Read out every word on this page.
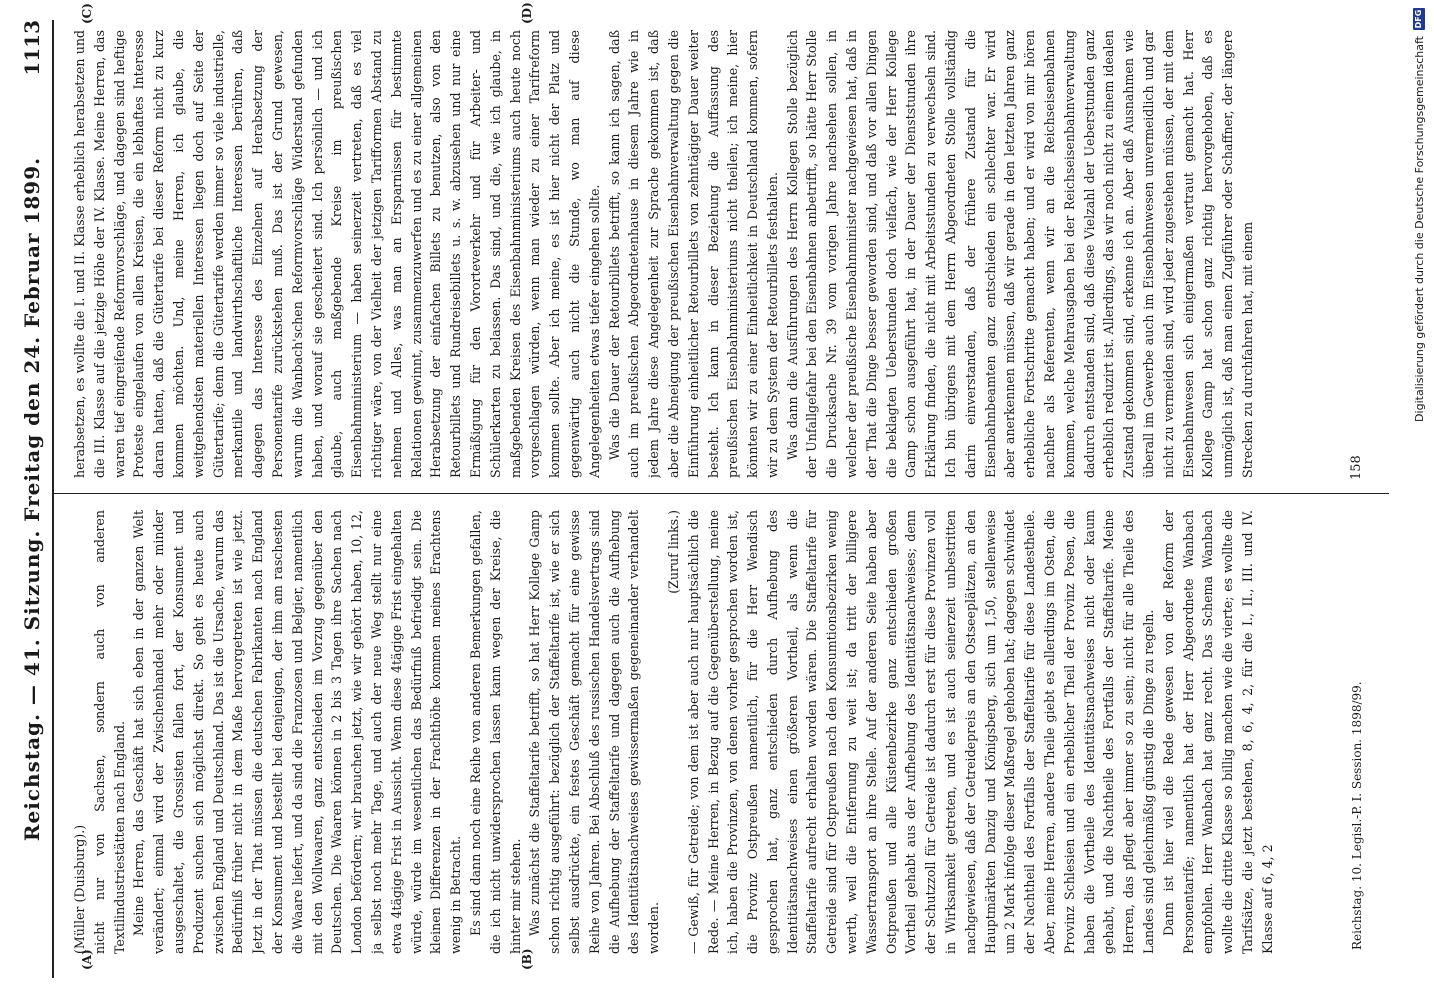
Reichstag. — 41. Sitzung. Freitag den 24. Februar 1899.
1113
(A)	(B)
(C)	(D)

(Müller (Duisburg).) nicht nur von Sachsen, sondern auch von anderen Textilindustriestätten nach England. Meine Herren, das Geschäft hat sich eben in der ganzen Welt verändert; einmal wird der Zwischenhandel mehr oder minder ausgeschaltet, die Grossisten fallen fort, der Konsument und Produzent suchen sich möglichst direkt. So geht es heute auch zwischen England und Deutschland. Das ist die Ursache, warum das Bedürfniß früher nicht in dem Maße hervorgetreten ist wie jetzt. Jetzt in der That müssen die deutschen Fabrikanten nach England der Konsument und bestellt bei denjenigen, der ihm am raschesten die Waare liefert, und da sind die Franzosen und Belgier, namentlich mit den Wollwaaren, ganz entschieden im Vorzug gegenüber den Deutschen. Die Waaren können in 2 bis 3 Tagen ihre Sachen nach London befördern; wir brauchen jetzt, wie wir gehört haben, 10, 12, ja selbst noch mehr Tage, und auch der neue Weg stellt nur eine etwa 4tägige Frist in Aussicht. Wenn diese 4tägige Frist eingehalten würde, würde im wesentlichen das Bedürfniß befriedigt sein. Die kleinen Differenzen in der Frachthöhe kommen meines Erachtens wenig in Betracht. Es sind dann noch eine Reihe von anderen Bemerkungen gefallen, die ich nicht unwidersprochen lassen kann wegen der Kreise, die hinter mir stehen. Was zunächst die Staffeltarife betrifft, so hat Herr Kollege Gamp schon richtig ausgeführt: bezüglich der Staffeltarife ist, wie er sich selbst ausdrückte, ein festes Geschäft gemacht für eine gewisse Reihe von Jahren. Bei Abschluß des russischen Handelsvertrags sind die Aufhebung der Staffeltarife und dagegen auch die Aufhebung des Identitätsnachweises gewissermaßen gegeneinander verhandelt worden.

(Zuruf links.) — Gewiß, für Getreide; von dem ist aber auch nur hauptsächlich die Rede. — Meine Herren, in Bezug auf die Gegenüberstellung, meine ich, haben die Provinzen, von denen vorher gesprochen worden ist, die Provinz Ostpreußen namentlich, für die Herr Wendisch gesprochen hat, ganz entschieden durch Aufhebung des Identitätsnachweises einen größeren Vortheil, als wenn die Staffeltarife aufrecht erhalten worden wären. Die Staffeltarife für Getreide sind für Ostpreußen nach den Konsumtionsbezirken wenig werth, weil die Entfernung zu weit ist; da tritt der billigere Wassertransport an ihre Stelle. Auf der anderen Seite haben aber Ostpreußen und alle Küstenbezirke ganz entschieden großen Vortheil gehabt aus der Aufhebung des Identitätsnachweises; denn der Schutzzoll für Getreide ist dadurch erst für diese Provinzen voll in Wirksamkeit getreten, und es ist auch seinerzeit unbestritten nachgewiesen, daß der Getreidepreis an den Ostseeplätzen, an den Hauptmärkten Danzig und Königsberg, sich um 1,50, stellenweise um 2 Mark infolge dieser Maßregel gehoben hat; dagegen schwindet der Nachtheil des Fortfalls der Staffeltarife für diese Landestheile. Aber, meine Herren, andere Theile giebt es allerdings im Osten, die Provinz Schlesien und ein erheblicher Theil der Provinz Posen, die haben die Vortheile des Identitätsnachweises nicht oder kaum gehabt, und die Nachtheile des Fortfalls der Staffeltarife. Meine Herren, das pflegt aber immer so zu sein; nicht für alle Theile des Landes sind gleichmäßig günstig die Dinge zu regeln. Dann ist hier viel die Rede gewesen von der Reform der Personentarife; namentlich hat der Herr Abgeordnete Wanbach empfohlen. Herr Wanbach hat ganz recht. Das Schema Wanbach wollte die dritte Klasse so billig machen wie die vierte; es wollte die Tarifsätze, die jetzt bestehen, 8, 6, 4, 2, für die I., II., III. und IV. Klasse auf 6, 4, 2

herabsetzen, es wollte die I. und II. Klasse erheblich herabsetzen und die III. Klasse auf die jetzige Höhe der IV. Klasse. Meine Herren, das waren tief eingreifende Reformvorschläge, und dagegen sind heftige Proteste eingelaufen von allen Kreisen, die ein lebhaftes Interesse daran hatten, daß die Gütertarife bei dieser Reform nicht zu kurz kommen möchten. Und, meine Herren, ich glaube, die weitgehendsten materiellen Interessen liegen doch auf Seite der Gütertarife; denn die Gütertarife werden immer so viele industrielle, merkantile und landwirthschaftliche Interessen berühren, daß dagegen das Interesse des Einzelnen auf Herabsetzung der Personentarife zurückstehen muß. Das ist der Grund gewesen, warum die Wanbach'schen Reformvorschläge Widerstand gefunden haben, und worauf sie gescheitert sind. Ich persönlich — und ich glaube, auch maßgebende Kreise im preußischen Eisenbahnministerium — haben seinerzeit vertreten, daß es viel richtiger wäre, von der Vielheit der jetzigen Tarifformen Abstand zu nehmen und Alles, was man an Ersparnissen für bestimmte Relationen gewinnt, zusammenzuwerfen und es zu einer allgemeinen Herabsetzung der einfachen Billets zu benutzen, also von den Retourbillets und Rundreisebillets u. s. w. abzusehen und nur eine Ermäßigung für den Vororteverkehr und für Arbeiter- und Schülerkarten zu belassen. Das sind, und die, wie ich glaube, in maßgebenden Kreisen des Eisenbahnministeriums auch heute noch vorgeschlagen würden, wenn man wieder zu einer Tarifreform kommen sollte. Aber ich meine, es ist hier nicht der Platz und gegenwärtig auch nicht die Stunde, wo man auf diese Angelegenheiten etwas tiefer eingehen sollte. Was die Dauer der Retourbillets betrifft, so kann ich sagen, daß auch im preußischen Abgeordnetenhause in diesem Jahre wie in jedem Jahre diese Angelegenheit zur Sprache gekommen ist, daß aber die Abneigung der preußischen Eisenbahnverwaltung gegen die Einführung einheitlicher Retourbillets von zehntägiger Dauer weiter besteht. Ich kann in dieser Beziehung die Auffassung des preußischen Eisenbahnministeriums nicht theilen; ich meine, hier könnten wir zu einer Einheitlichkeit in Deutschland kommen, sofern wir zu dem System der Retourbillets festhalten. Was dann die Ausführungen des Herrn Kollegen Stolle bezüglich der Unfallgefahr bei den Eisenbahnen anbetrifft, so hätte Herr Stolle die Drucksache Nr. 39 vom vorigen Jahre nachsehen sollen, in welcher der preußische Eisenbahnminister nachgewiesen hat, daß in der That die Dinge besser geworden sind, und daß vor allen Dingen die beklagten Ueberstunden doch vielfach, wie der Herr Kollege Gamp schon ausgeführt hat, in der Dauer der Dienststunden ihre Erklärung finden, die nicht mit Arbeitsstunden zu verwechseln sind. Ich bin übrigens mit dem Herrn Abgeordneten Stolle vollständig darin einverstanden, daß der frühere Zustand für die Eisenbahnbeamten ganz entschieden ein schlechter war. Er wird aber anerkennen müssen, daß wir gerade in den letzten Jahren ganz erhebliche Fortschritte gemacht haben; und er wird von mir hören nachher als Referenten, wenn wir an die Reichseisenbahnen kommen, welche Mehrausgaben bei der Reichseisenbahnverwaltung dadurch entstanden sind, daß diese Vielzahl der Ueberstunden ganz erheblich reduzirt ist. Allerdings, das wir noch nicht zu einem idealen Zustand gekommen sind, erkenne ich an. Aber daß Ausnahmen wie überall im Gewerbe auch im Eisenbahnwesen unvermeidlich und gar nicht zu vermeiden sind, wird jeder zugestehen müssen, der mit dem Eisenbahnwesen sich einigermaßen vertraut gemacht hat. Herr Kollege Gamp hat schon ganz richtig hervorgehoben, daß es unmöglich ist, daß man einen Zugführer oder Schaffner, der längere Strecken zu durchfahren hat, mit einem

Reichstag. 10. Legisl.-P. I. Session. 1898/99.
158
Digitalisierung gefördert durch die Deutsche Forschungsgemeinschaft
DFG
